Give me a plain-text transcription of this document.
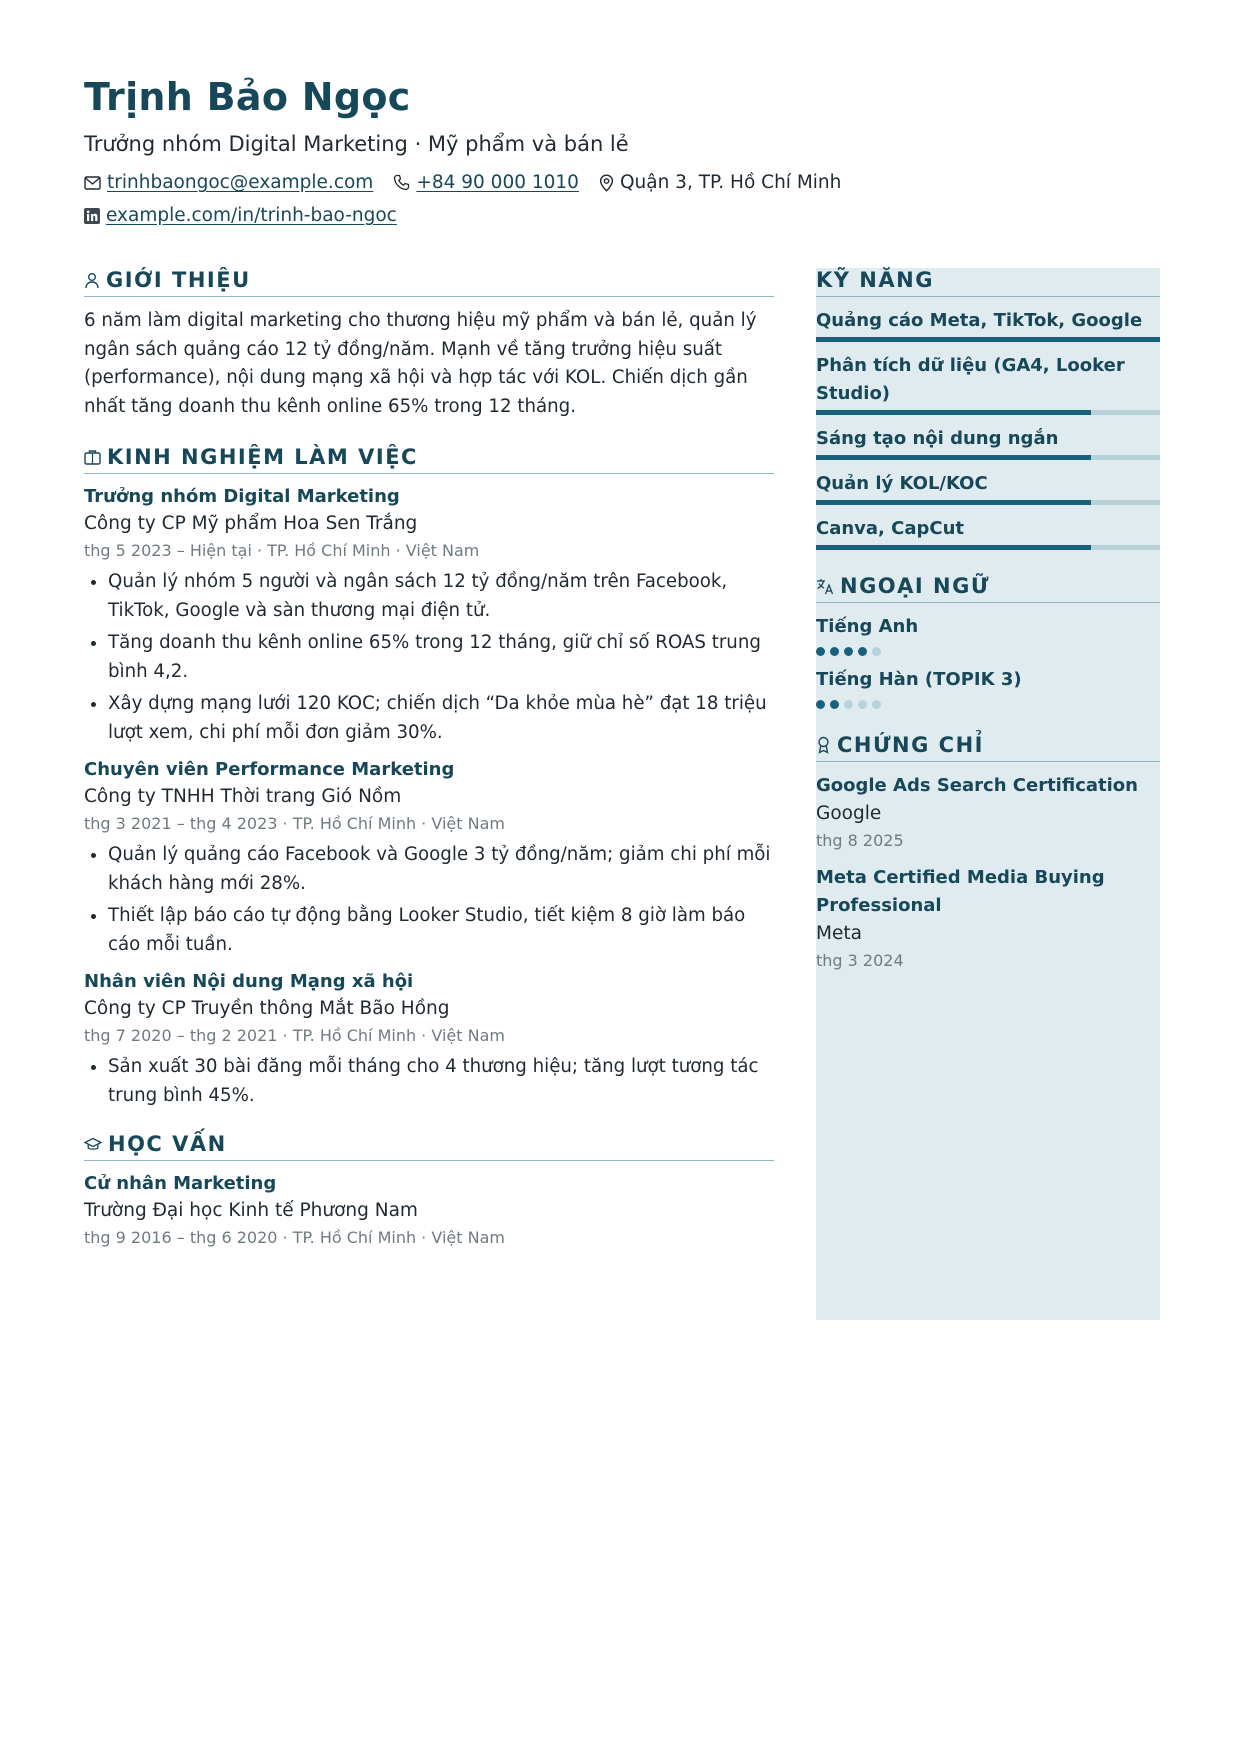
Trịnh Bảo Ngọc
Trưởng nhóm Digital Marketing · Mỹ phẩm và bán lẻ
trinhbaongoc@example.com +84 90 000 1010 Quận 3, TP. Hồ Chí Minh
example.com/in/trinh-bao-ngoc
GIỚI THIỆU
6 năm làm digital marketing cho thương hiệu mỹ phẩm và bán lẻ, quản lý ngân sách quảng cáo 12 tỷ đồng/năm. Mạnh về tăng trưởng hiệu suất (performance), nội dung mạng xã hội và hợp tác với KOL. Chiến dịch gần nhất tăng doanh thu kênh online 65% trong 12 tháng.
KINH NGHIỆM LÀM VIỆC
Trưởng nhóm Digital Marketing
Công ty CP Mỹ phẩm Hoa Sen Trắng
thg 5 2023 – Hiện tại · TP. Hồ Chí Minh · Việt Nam
• Quản lý nhóm 5 người và ngân sách 12 tỷ đồng/năm trên Facebook, TikTok, Google và sàn thương mại điện tử.
• Tăng doanh thu kênh online 65% trong 12 tháng, giữ chỉ số ROAS trung bình 4,2.
• Xây dựng mạng lưới 120 KOC; chiến dịch “Da khỏe mùa hè” đạt 18 triệu lượt xem, chi phí mỗi đơn giảm 30%.
Chuyên viên Performance Marketing
Công ty TNHH Thời trang Gió Nồm
thg 3 2021 – thg 4 2023 · TP. Hồ Chí Minh · Việt Nam
• Quản lý quảng cáo Facebook và Google 3 tỷ đồng/năm; giảm chi phí mỗi khách hàng mới 28%.
• Thiết lập báo cáo tự động bằng Looker Studio, tiết kiệm 8 giờ làm báo cáo mỗi tuần.
Nhân viên Nội dung Mạng xã hội
Công ty CP Truyền thông Mắt Bão Hồng
thg 7 2020 – thg 2 2021 · TP. Hồ Chí Minh · Việt Nam
• Sản xuất 30 bài đăng mỗi tháng cho 4 thương hiệu; tăng lượt tương tác trung bình 45%.
HỌC VẤN
Cử nhân Marketing
Trường Đại học Kinh tế Phương Nam
thg 9 2016 – thg 6 2020 · TP. Hồ Chí Minh · Việt Nam
KỸ NĂNG
Quảng cáo Meta, TikTok, Google
Phân tích dữ liệu (GA4, Looker Studio)
Sáng tạo nội dung ngắn
Quản lý KOL/KOC
Canva, CapCut
NGOẠI NGỮ
Tiếng Anh
Tiếng Hàn (TOPIK 3)
CHỨNG CHỈ
Google Ads Search Certification
Google
thg 8 2025
Meta Certified Media Buying Professional
Meta
thg 3 2024
